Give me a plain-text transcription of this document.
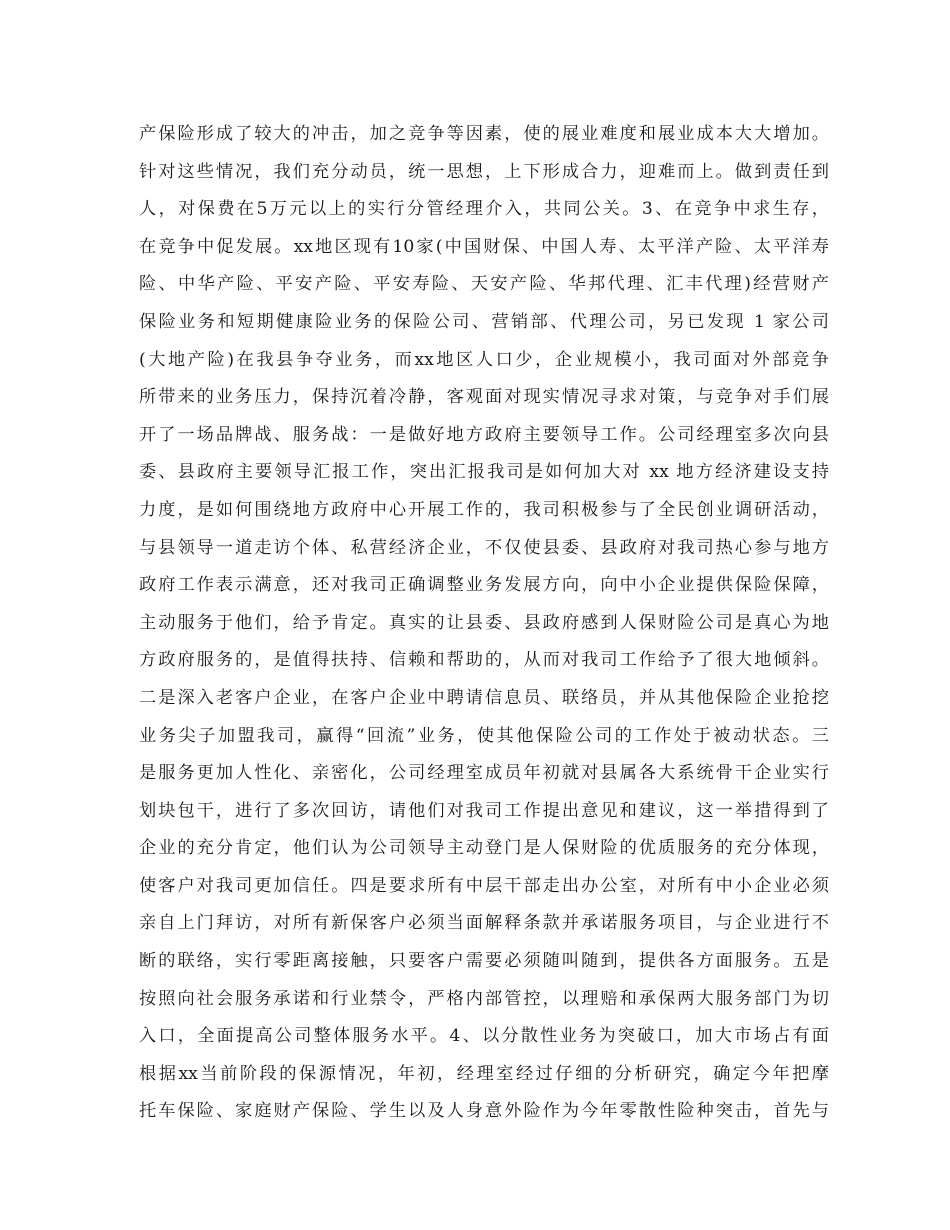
产保险形成了较大的冲击，加之竞争等因素，使的展业难度和展业成本大大增加。
针对这些情况，我们充分动员，统一思想，上下形成合力，迎难而上。做到责任到
人，对保费在5万元以上的实行分管经理介入，共同公关。3、在竞争中求生存，
在竞争中促发展。xx地区现有10家(中国财保、中国人寿、太平洋产险、太平洋寿
险、中华产险、平安产险、平安寿险、天安产险、华邦代理、汇丰代理)经营财产
保险业务和短期健康险业务的保险公司、营销部、代理公司，另已发现 1 家公司
(大地产险)在我县争夺业务，而xx地区人口少，企业规模小，我司面对外部竞争
所带来的业务压力，保持沉着冷静，客观面对现实情况寻求对策，与竞争对手们展
开了一场品牌战、服务战：一是做好地方政府主要领导工作。公司经理室多次向县
委、县政府主要领导汇报工作，突出汇报我司是如何加大对 xx 地方经济建设支持
力度，是如何围绕地方政府中心开展工作的，我司积极参与了全民创业调研活动，
与县领导一道走访个体、私营经济企业，不仅使县委、县政府对我司热心参与地方
政府工作表示满意，还对我司正确调整业务发展方向，向中小企业提供保险保障，
主动服务于他们，给予肯定。真实的让县委、县政府感到人保财险公司是真心为地
方政府服务的，是值得扶持、信赖和帮助的，从而对我司工作给予了很大地倾斜。
二是深入老客户企业，在客户企业中聘请信息员、联络员，并从其他保险企业抢挖
业务尖子加盟我司，赢得“回流”业务，使其他保险公司的工作处于被动状态。三
是服务更加人性化、亲密化，公司经理室成员年初就对县属各大系统骨干企业实行
划块包干，进行了多次回访，请他们对我司工作提出意见和建议，这一举措得到了
企业的充分肯定，他们认为公司领导主动登门是人保财险的优质服务的充分体现，
使客户对我司更加信任。四是要求所有中层干部走出办公室，对所有中小企业必须
亲自上门拜访，对所有新保客户必须当面解释条款并承诺服务项目，与企业进行不
断的联络，实行零距离接触，只要客户需要必须随叫随到，提供各方面服务。五是
按照向社会服务承诺和行业禁令，严格内部管控，以理赔和承保两大服务部门为切
入口，全面提高公司整体服务水平。4、以分散性业务为突破口，加大市场占有面
根据xx当前阶段的保源情况，年初，经理室经过仔细的分析研究，确定今年把摩
托车保险、家庭财产保险、学生以及人身意外险作为今年零散性险种突击，首先与
